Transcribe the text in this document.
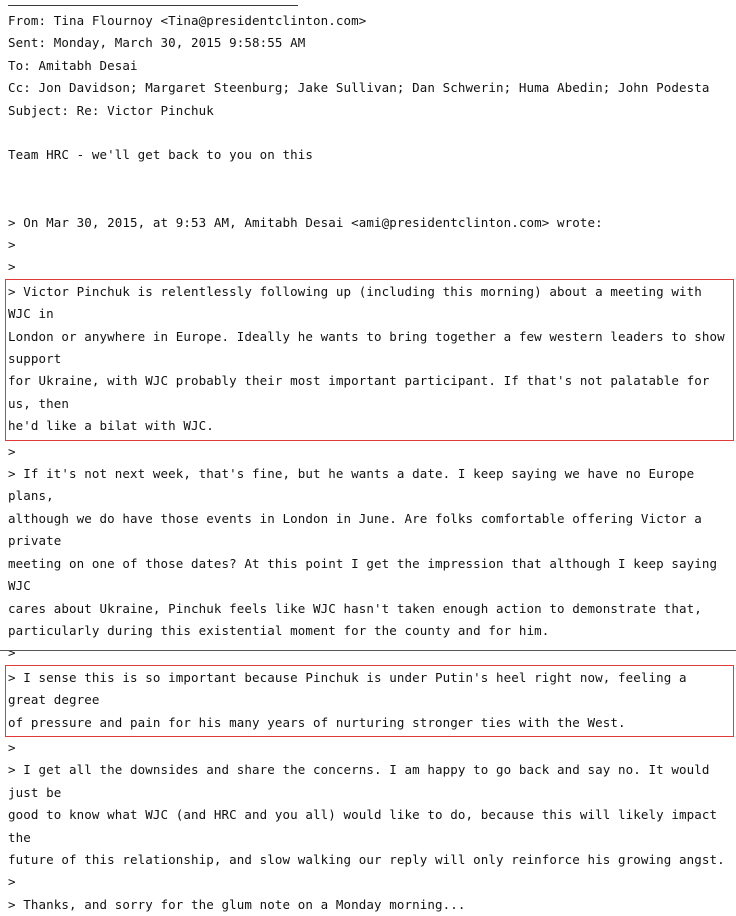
From: Tina Flournoy <Tina@presidentclinton.com>
Sent: Monday, March 30, 2015 9:58:55 AM
To: Amitabh Desai
Cc: Jon Davidson; Margaret Steenburg; Jake Sullivan; Dan Schwerin; Huma Abedin; John Podesta
Subject: Re: Victor Pinchuk
Team HRC - we'll get back to you on this
> On Mar 30, 2015, at 9:53 AM, Amitabh Desai <ami@presidentclinton.com> wrote:
>
>
> Victor Pinchuk is relentlessly following up (including this morning) about a meeting with WJC in
London or anywhere in Europe. Ideally he wants to bring together a few western leaders to show support
for Ukraine, with WJC probably their most important participant. If that's not palatable for us, then
he'd like a bilat with WJC.
>
> If it's not next week, that's fine, but he wants a date. I keep saying we have no Europe plans,
although we do have those events in London in June. Are folks comfortable offering Victor a private
meeting on one of those dates? At this point I get the impression that although I keep saying WJC
cares about Ukraine, Pinchuk feels like WJC hasn't taken enough action to demonstrate that,
particularly during this existential moment for the county and for him.
>
> I sense this is so important because Pinchuk is under Putin's heel right now, feeling a great degree
of pressure and pain for his many years of nurturing stronger ties with the West.
>
> I get all the downsides and share the concerns. I am happy to go back and say no. It would just be
good to know what WJC (and HRC and you all) would like to do, because this will likely impact the
future of this relationship, and slow walking our reply will only reinforce his growing angst.
>
> Thanks, and sorry for the glum note on a Monday morning...
